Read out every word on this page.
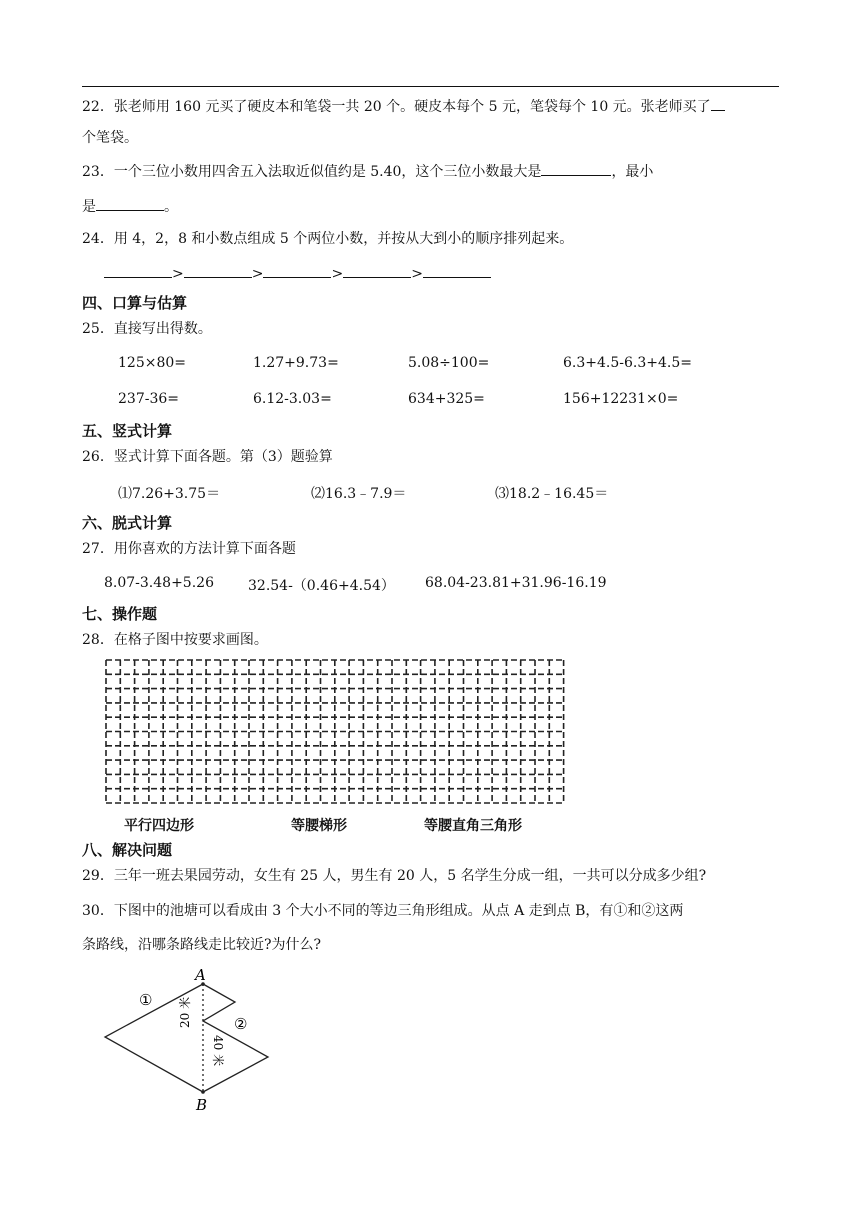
22．张老师用 160 元买了硬皮本和笔袋一共 20 个。硬皮本每个 5 元，笔袋每个 10 元。张老师买了
个笔袋。
23．一个三位小数用四舍五入法取近似值约是 5.40，这个三位小数最大是	，最小
是	。
24．用 4，2，8 和小数点组成 5 个两位小数，并按从大到小的顺序排列起来。
>	>	>	>
四、口算与估算
25．直接写出得数。
125×80=	1.27+9.73=	5.08÷100=	6.3+4.5-6.3+4.5=
237-36=	6.12-3.03=	634+325=	156+12231×0=
五、竖式计算
26．竖式计算下面各题。第（3）题验算
⑴7.26+3.75＝	⑵16.3﹣7.9＝	⑶18.2﹣16.45＝
六、脱式计算
27．用你喜欢的方法计算下面各题
8.07-3.48+5.26 32.54-（0.46+4.54） 68.04-23.81+31.96-16.19
七、操作题
28．在格子图中按要求画图。
平行四边形	等腰梯形	等腰直角三角形
八、解决问题
29．三年一班去果园劳动，女生有 25 人，男生有 20 人，5 名学生分成一组，一共可以分成多少组?
30．下图中的池塘可以看成由 3 个大小不同的等边三角形组成。从点 A 走到点 B，有①和②这两
条路线，沿哪条路线走比较近?为什么?
A
B
①
②
20 米
40 米
